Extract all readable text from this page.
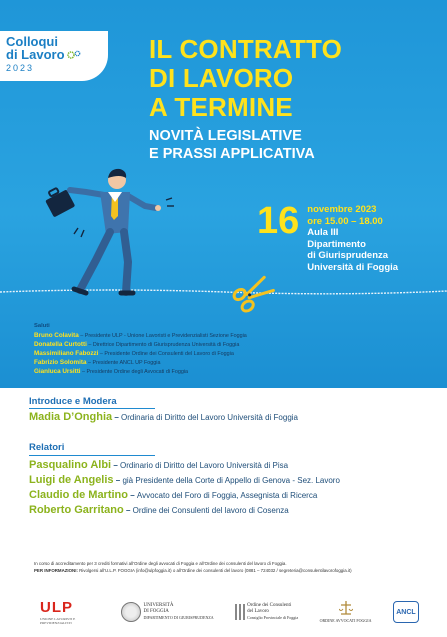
Colloqui
di Lavoro
2023
IL CONTRATTO
DI LAVORO
A TERMINE
NOVITÀ LEGISLATIVE
E PRASSI APPLICATIVA
16 novembre 2023
ore 15.00 – 18.00
Aula III
Dipartimento
di Giurisprudenza
Università di Foggia
Saluti
Bruno Colavita – Presidente ULP - Unione Lavoristi e Previdenzialisti Sezione Foggia
Donatella Curtotti – Direttrice Dipartimento di Giurisprudenza Università di Foggia
Massimiliano Fabozzi – Presidente Ordine dei Consulenti del Lavoro di Foggia
Fabrizio Solomita – Presidente ANCL UP Foggia
Gianluca Ursitti – Presidente Ordine degli Avvocati di Foggia
Introduce e Modera
Madia D’Onghia – Ordinaria di Diritto del Lavoro Università di Foggia
Relatori
Pasqualino Albi – Ordinario di Diritto del Lavoro Università di Pisa
Luigi de Angelis – già Presidente della Corte di Appello di Genova - Sez. Lavoro
Claudio de Martino – Avvocato del Foro di Foggia, Assegnista di Ricerca
Roberto Garritano – Ordine dei Consulenti del lavoro di Cosenza
In corso di accreditamento per 3 crediti formativi all’Ordine degli avvocati di Foggia e all’Ordine dei consulenti del lavoro di Foggia.
PER INFORMAZIONI: Rivolgersi all’U.L.P. FOGGIA (info@ulpfoggia.it) o all’Ordine dei consulenti del lavoro (0881 – 724032 / segreteria@consulentilavorofoggia.it)
ULP
UNIONE LAVORISTI E PREVIDENZIALISTI
UNIVERSITÀ
DI FOGGIA
DIPARTIMENTO DI GIURISPRUDENZA
Ordine dei Consulenti
del Lavoro
Consiglio Provinciale di Foggia
ORDINE AVVOCATI FOGGIA
ANCL
